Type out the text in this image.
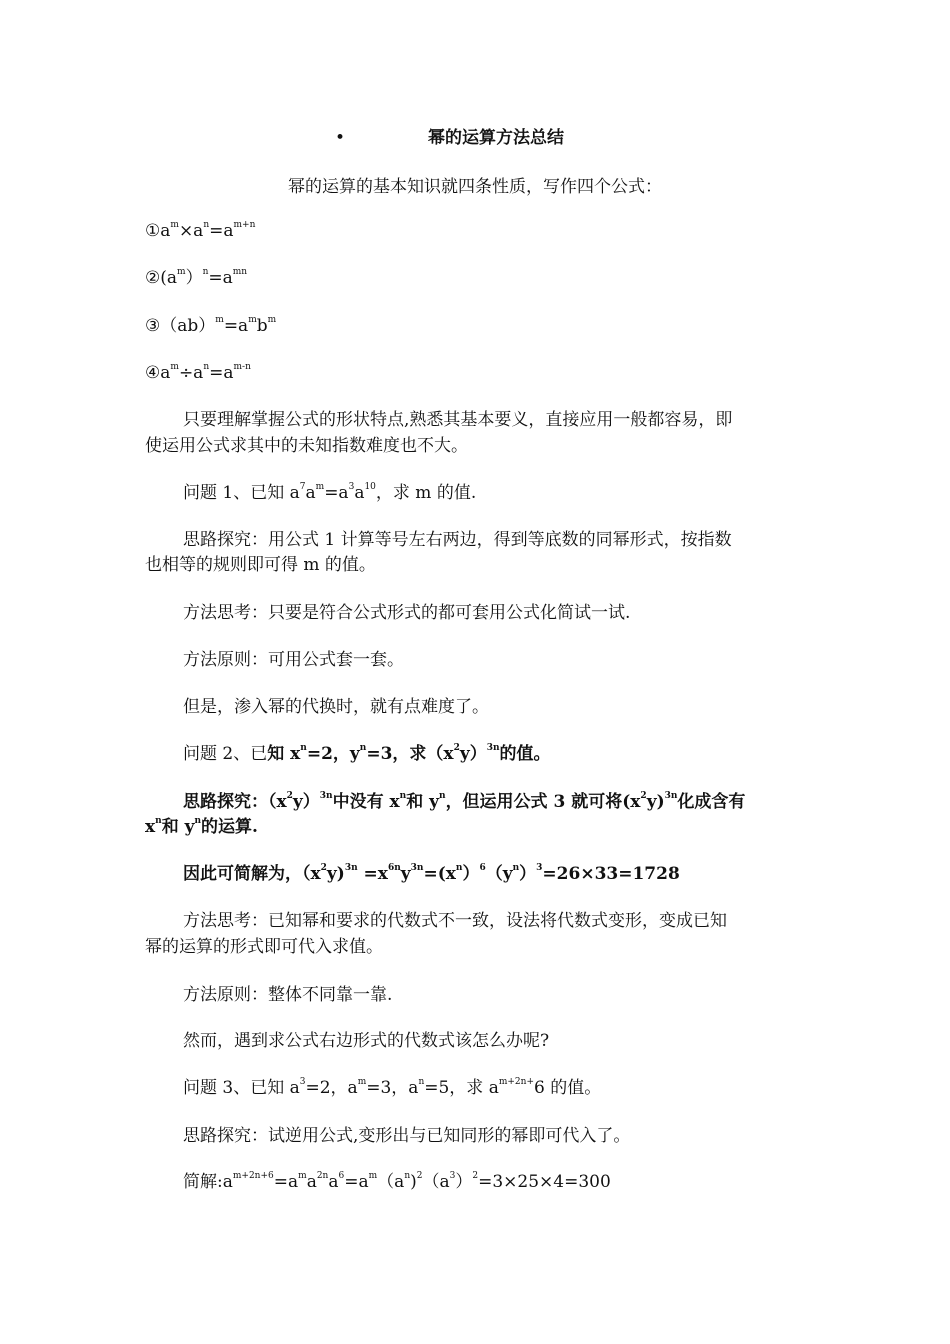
•	幂的运算方法总结
幂的运算的基本知识就四条性质，写作四个公式：
$①a^m\times a^n=a^{m+n}$
$②(a^m)^n=a^{mn}$
$③(ab)^m=a^mb^m$
$④a^m\div a^n=a^{m-n}$
只要理解掌握公式的形状特点,熟悉其基本要义，直接应用一般都容易，即
使运用公式求其中的未知指数难度也不大。
问题 1、已知 $a^7a^m=a^3a^{10}$，求 m 的值.
思路探究：用公式 1 计算等号左右两边，得到等底数的同幂形式，按指数
也相等的规则即可得 m 的值。
方法思考：只要是符合公式形式的都可套用公式化简试一试.
方法原则：可用公式套一套。
但是，渗入幂的代换时，就有点难度了。
问题 2、已知 $x^n=2$，$y^n=3$，求$(x^2y)^{3n}$的值。
思路探究：$(x^2y)^{3n}$中没有 $x^n$和 $y^n$，但运用公式 3 就可将$(x^2y)^{3n}$化成含有
$x^n$和 $y^n$的运算.
因此可简解为，$(x^2y)^{3n} =x^{6n}y^{3n}=(x^n)^6(y^n)^3=26\times 33=1728$
方法思考：已知幂和要求的代数式不一致，设法将代数式变形，变成已知
幂的运算的形式即可代入求值。
方法原则：整体不同靠一靠.
然而，遇到求公式右边形式的代数式该怎么办呢?
问题 3、已知 $a^3=2$，$a^m=3$，$a^n=5$，求 $a^{m+2n+}6$ 的值。
思路探究：试逆用公式,变形出与已知同形的幂即可代入了。
简解$:a^{m+2n+6}=a^ma^{2n}a^6=a^m(a^n)^2(a^3)^2=3\times 25\times 4=300$
